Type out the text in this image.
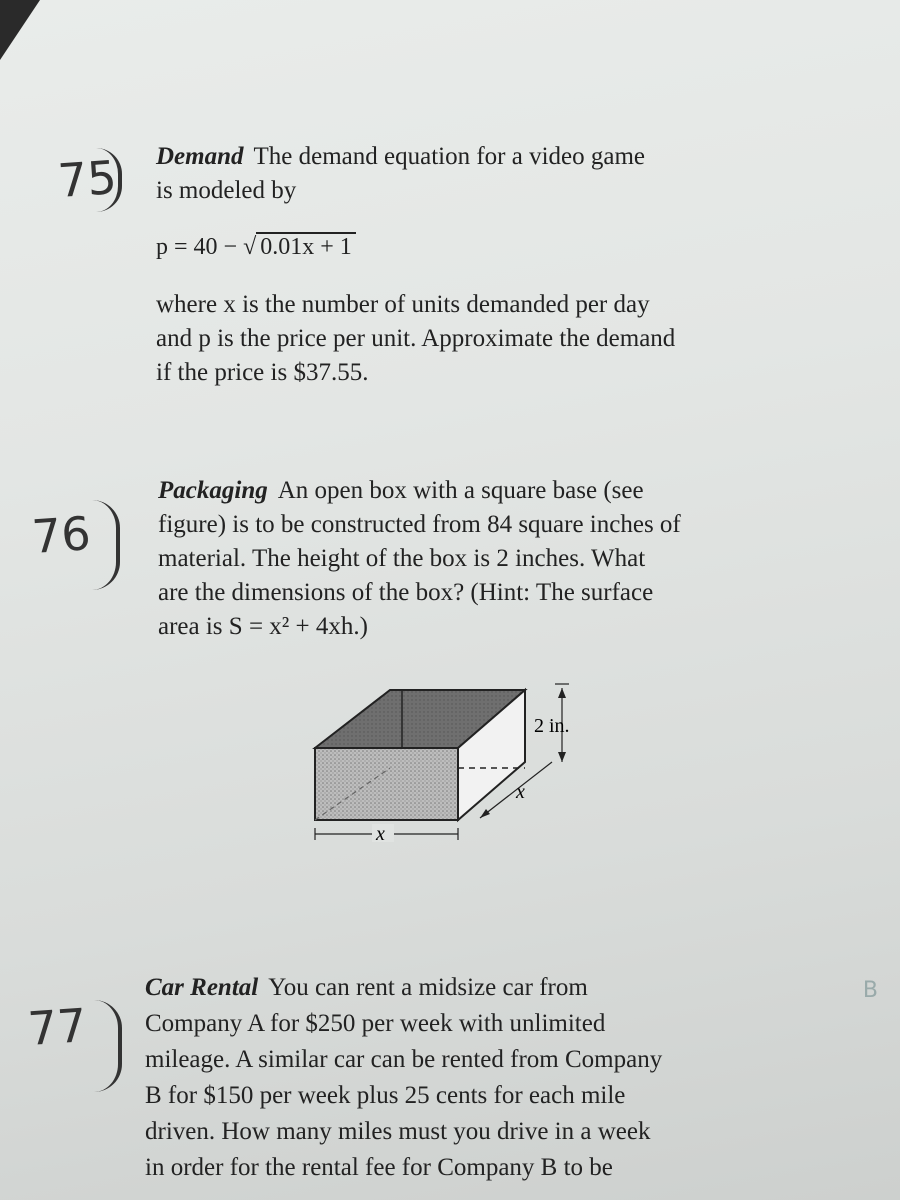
75 Demand The demand equation for a video game
is modeled by
p = 40 − √ 0.01x + 1
where x is the number of units demanded per day
and p is the price per unit. Approximate the demand
if the price is $37.55.
76
Packaging An open box with a square base (see
figure) is to be constructed from 84 square inches of
material. The height of the box is 2 inches. What
are the dimensions of the box? (Hint: The surface
area is S = x² + 4xh.)
2 in.
x
x
77
Car Rental You can rent a midsize car from
Company A for $250 per week with unlimited
mileage. A similar car can be rented from Company
B for $150 per week plus 25 cents for each mile
driven. How many miles must you drive in a week
in order for the rental fee for Company B to be
B
